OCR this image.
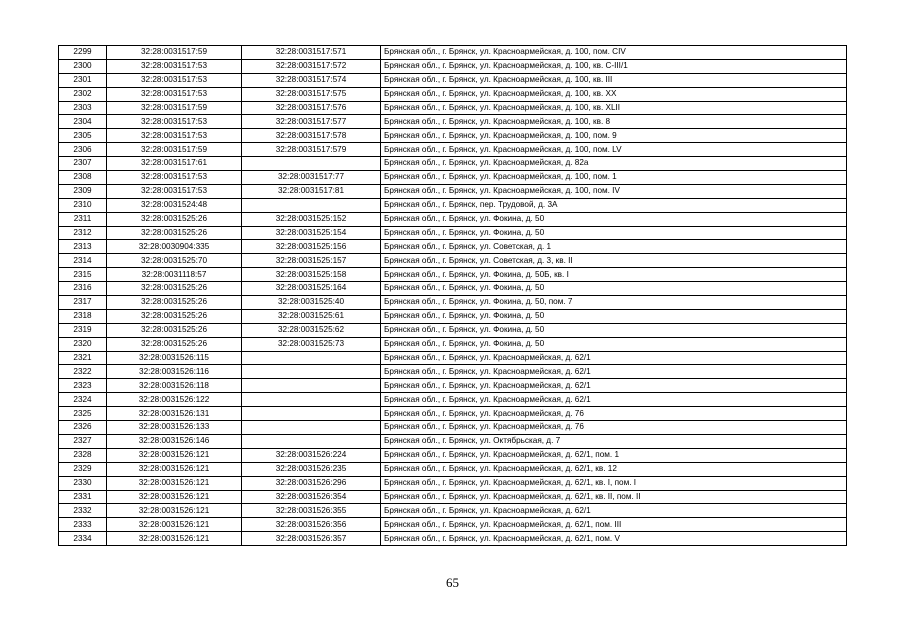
2299	32:28:0031517:59	32:28:0031517:571	Брянская обл., г. Брянск, ул. Красноармейская, д. 100, пом. CIV
2300	32:28:0031517:53	32:28:0031517:572	Брянская обл., г. Брянск, ул. Красноармейская, д. 100, кв. С-III/1
2301	32:28:0031517:53	32:28:0031517:574	Брянская обл., г. Брянск, ул. Красноармейская, д. 100, кв. III
2302	32:28:0031517:53	32:28:0031517:575	Брянская обл., г. Брянск, ул. Красноармейская, д. 100, кв. XX
2303	32:28:0031517:59	32:28:0031517:576	Брянская обл., г. Брянск, ул. Красноармейская, д. 100, кв. XLII
2304	32:28:0031517:53	32:28:0031517:577	Брянская обл., г. Брянск, ул. Красноармейская, д. 100, кв. 8
2305	32:28:0031517:53	32:28:0031517:578	Брянская обл., г. Брянск, ул. Красноармейская, д. 100, пом. 9
2306	32:28:0031517:59	32:28:0031517:579	Брянская обл., г. Брянск, ул. Красноармейская, д. 100, пом. LV
2307	32:28:0031517:61		Брянская обл., г. Брянск, ул. Красноармейская, д. 82а
2308	32:28:0031517:53	32:28:0031517:77	Брянская обл., г. Брянск, ул. Красноармейская, д. 100, пом. 1
2309	32:28:0031517:53	32:28:0031517:81	Брянская обл., г. Брянск, ул. Красноармейская, д. 100, пом. IV
2310	32:28:0031524:48		Брянская обл., г. Брянск, пер. Трудовой, д. 3А
2311	32:28:0031525:26	32:28:0031525:152	Брянская обл., г. Брянск, ул. Фокина, д. 50
2312	32:28:0031525:26	32:28:0031525:154	Брянская обл., г. Брянск, ул. Фокина, д. 50
2313	32:28:0030904:335	32:28:0031525:156	Брянская обл., г. Брянск, ул. Советская, д. 1
2314	32:28:0031525:70	32:28:0031525:157	Брянская обл., г. Брянск, ул. Советская, д. 3, кв. II
2315	32:28:0031118:57	32:28:0031525:158	Брянская обл., г. Брянск, ул. Фокина, д. 50Б, кв. I
2316	32:28:0031525:26	32:28:0031525:164	Брянская обл., г. Брянск, ул. Фокина, д. 50
2317	32:28:0031525:26	32:28:0031525:40	Брянская обл., г. Брянск, ул. Фокина, д. 50, пом. 7
2318	32:28:0031525:26	32:28:0031525:61	Брянская обл., г. Брянск, ул. Фокина, д. 50
2319	32:28:0031525:26	32:28:0031525:62	Брянская обл., г. Брянск, ул. Фокина, д. 50
2320	32:28:0031525:26	32:28:0031525:73	Брянская обл., г. Брянск, ул. Фокина, д. 50
2321	32:28:0031526:115		Брянская обл., г. Брянск, ул. Красноармейская, д. 62/1
2322	32:28:0031526:116		Брянская обл., г. Брянск, ул. Красноармейская, д. 62/1
2323	32:28:0031526:118		Брянская обл., г. Брянск, ул. Красноармейская, д. 62/1
2324	32:28:0031526:122		Брянская обл., г. Брянск, ул. Красноармейская, д. 62/1
2325	32:28:0031526:131		Брянская обл., г. Брянск, ул. Красноармейская, д. 76
2326	32:28:0031526:133		Брянская обл., г. Брянск, ул. Красноармейская, д. 76
2327	32:28:0031526:146		Брянская обл., г. Брянск, ул. Октябрьская, д. 7
2328	32:28:0031526:121	32:28:0031526:224	Брянская обл., г. Брянск, ул. Красноармейская, д. 62/1, пом. 1
2329	32:28:0031526:121	32:28:0031526:235	Брянская обл., г. Брянск, ул. Красноармейская, д. 62/1, кв. 12
2330	32:28:0031526:121	32:28:0031526:296	Брянская обл., г. Брянск, ул. Красноармейская, д. 62/1, кв. I, пом. I
2331	32:28:0031526:121	32:28:0031526:354	Брянская обл., г. Брянск, ул. Красноармейская, д. 62/1, кв. II, пом. II
2332	32:28:0031526:121	32:28:0031526:355	Брянская обл., г. Брянск, ул. Красноармейская, д. 62/1
2333	32:28:0031526:121	32:28:0031526:356	Брянская обл., г. Брянск, ул. Красноармейская, д. 62/1, пом. III
2334	32:28:0031526:121	32:28:0031526:357	Брянская обл., г. Брянск, ул. Красноармейская, д. 62/1, пом. V
65
